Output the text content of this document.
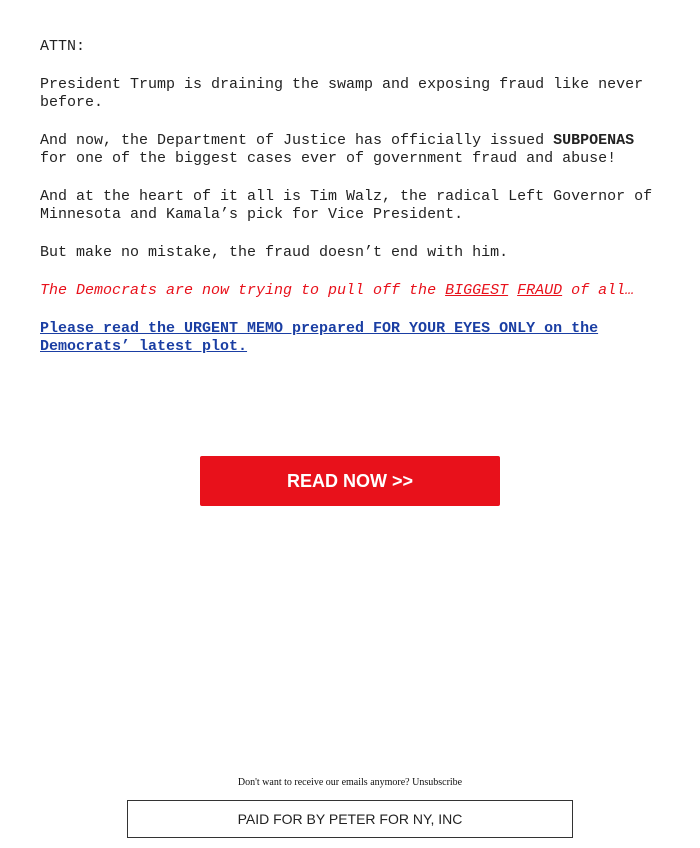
ATTN:

President Trump is draining the swamp and exposing fraud like never before.

And now, the Department of Justice has officially issued SUBPOENAS for one of the biggest cases ever of government fraud and abuse!

And at the heart of it all is Tim Walz, the radical Left Governor of Minnesota and Kamala’s pick for Vice President.

But make no mistake, the fraud doesn’t end with him.

The Democrats are now trying to pull off the BIGGEST FRAUD of all…

Please read the URGENT MEMO prepared FOR YOUR EYES ONLY on the Democrats’ latest plot.

READ NOW >>
Don't want to receive our emails anymore? Unsubscribe
PAID FOR BY PETER FOR NY, INC
